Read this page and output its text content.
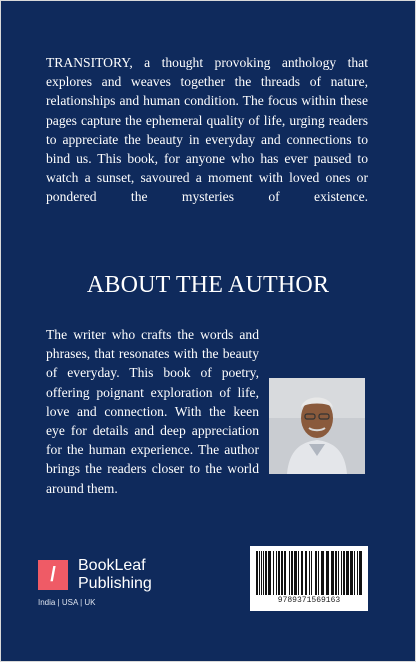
TRANSITORY, a thought provoking anthology that explores and weaves together the threads of nature, relationships and human condition. The focus within these pages capture the ephemeral quality of life, urging readers to appreciate the beauty in everyday and connections to bind us. This book, for anyone who has ever paused to watch a sunset, savoured a moment with loved ones or pondered the mysteries of existence.
ABOUT THE AUTHOR
The writer who crafts the words and phrases, that resonates with the beauty of everyday. This book of poetry, offering poignant exploration of life, love and connection. With the keen eye for details and deep appreciation for the human experience. The author brings the readers closer to the world around them.
/	BookLeaf
Publishing
India | USA | UK	9789371569163
